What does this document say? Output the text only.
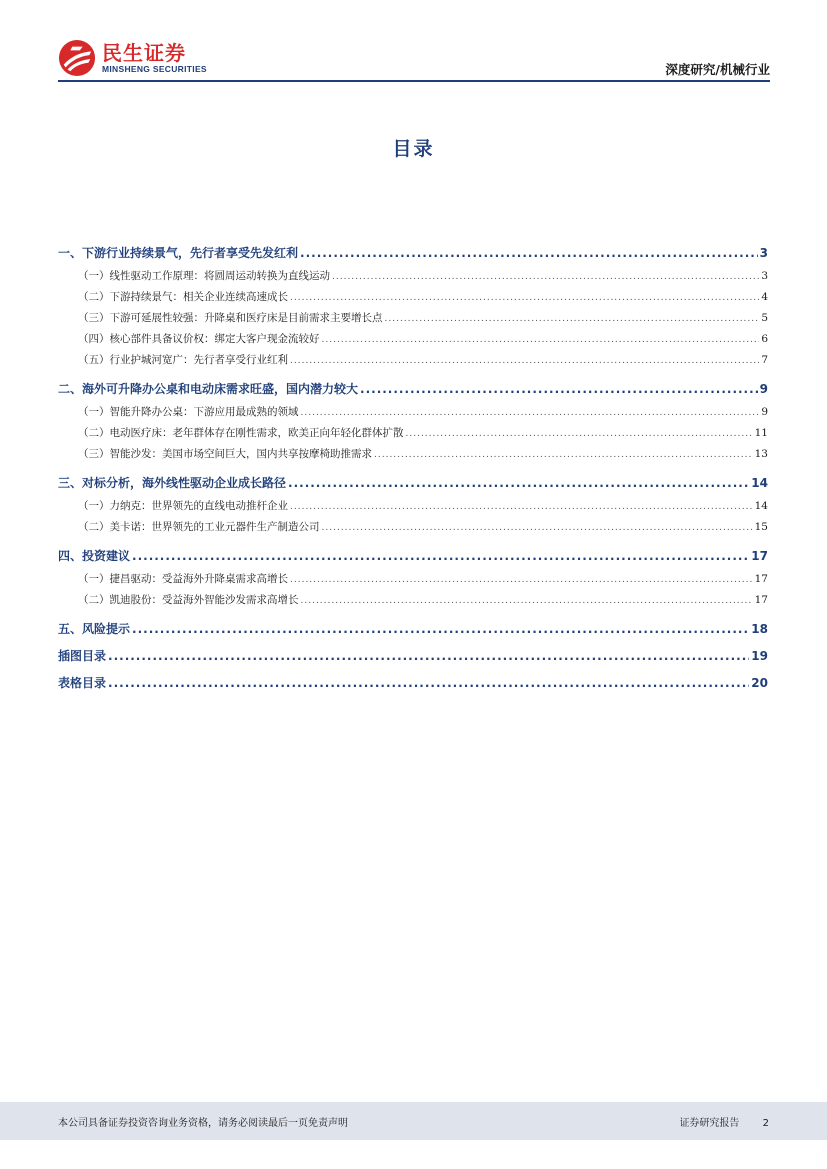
民生证券
MINSHENG SECURITIES	深度研究/机械行业
目录
一、下游行业持续景气，先行者享受先发红利 .....	3
（一）线性驱动工作原理：将圆周运动转换为直线运动 .....	3
（二）下游持续景气：相关企业连续高速成长 .....	4
（三）下游可延展性较强：升降桌和医疗床是目前需求主要增长点 .....	5
（四）核心部件具备议价权：绑定大客户现金流较好 .....	6
（五）行业护城河宽广：先行者享受行业红利 .....	7
二、海外可升降办公桌和电动床需求旺盛，国内潜力较大 .....	9
（一）智能升降办公桌：下游应用最成熟的领域 .....	9
（二）电动医疗床：老年群体存在刚性需求，欧美正向年轻化群体扩散 .....	11
（三）智能沙发：美国市场空间巨大，国内共享按摩椅助推需求 .....	13
三、对标分析，海外线性驱动企业成长路径 .....	14
（一）力纳克：世界领先的直线电动推杆企业 .....	14
（二）美卡诺：世界领先的工业元器件生产制造公司 .....	15
四、投资建议 .....	17
（一）捷昌驱动：受益海外升降桌需求高增长 .....	17
（二）凯迪股份：受益海外智能沙发需求高增长 .....	17
五、风险提示 .....	18
插图目录 .....	19
表格目录 .....	20
本公司具备证券投资咨询业务资格，请务必阅读最后一页免责声明	证券研究报告 2
